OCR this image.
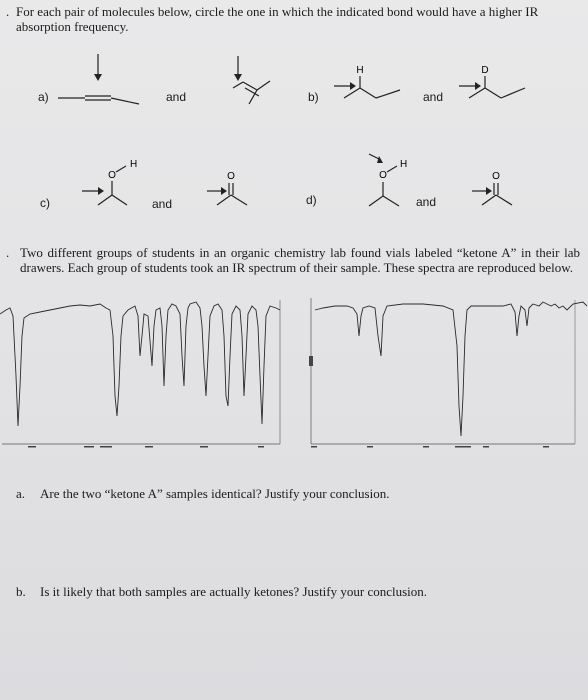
. For each pair of molecules below, circle the one in which the indicated bond would have a higher IR absorption frequency.
a)	and	b)
H
and
D
c)
O
H
and
O
d)
O
H
and
O
. Two different groups of students in an organic chemistry lab found vials labeled “ketone A” in their lab drawers. Each group of students took an IR spectrum of their sample. These spectra are reproduced below.
a. Are the two “ketone A” samples identical? Justify your conclusion.
b. Is it likely that both samples are actually ketones? Justify your conclusion.
